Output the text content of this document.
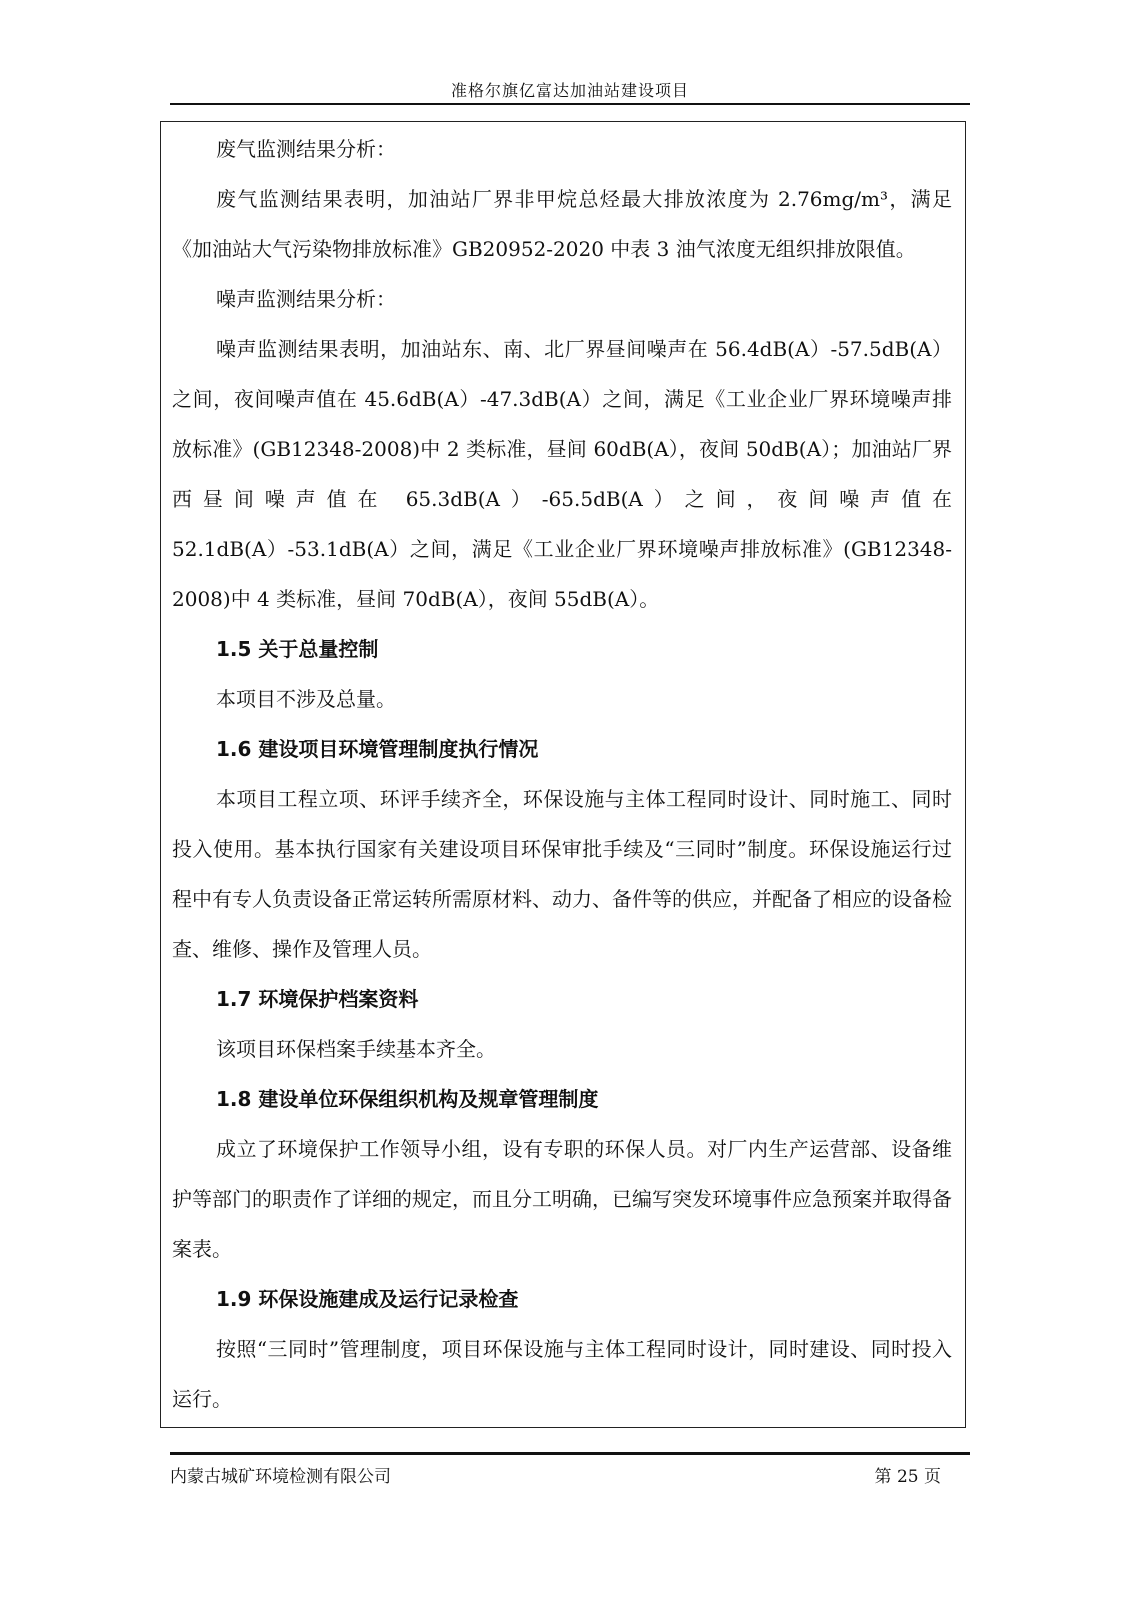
准格尔旗亿富达加油站建设项目

废气监测结果分析：

废气监测结果表明，加油站厂界非甲烷总烃最大排放浓度为 2.76mg/m³，满足《加油站大气污染物排放标准》GB20952-2020 中表 3 油气浓度无组织排放限值。

噪声监测结果分析：

噪声监测结果表明，加油站东、南、北厂界昼间噪声在 56.4dB(A）-57.5dB(A）之间，夜间噪声值在 45.6dB(A）-47.3dB(A）之间，满足《工业企业厂界环境噪声排放标准》(GB12348-2008)中 2 类标准，昼间 60dB(A），夜间 50dB(A）；加油站厂界西昼间噪声值在 65.3dB(A）-65.5dB(A）之间，夜间噪声值在 52.1dB(A）-53.1dB(A）之间，满足《工业企业厂界环境噪声排放标准》(GB12348-2008)中 4 类标准，昼间 70dB(A），夜间 55dB(A）。

1.5 关于总量控制

本项目不涉及总量。

1.6 建设项目环境管理制度执行情况

本项目工程立项、环评手续齐全，环保设施与主体工程同时设计、同时施工、同时投入使用。基本执行国家有关建设项目环保审批手续及“三同时”制度。环保设施运行过程中有专人负责设备正常运转所需原材料、动力、备件等的供应，并配备了相应的设备检查、维修、操作及管理人员。

1.7 环境保护档案资料

该项目环保档案手续基本齐全。

1.8 建设单位环保组织机构及规章管理制度

成立了环境保护工作领导小组，设有专职的环保人员。对厂内生产运营部、设备维护等部门的职责作了详细的规定，而且分工明确，已编写突发环境事件应急预案并取得备案表。

1.9 环保设施建成及运行记录检查

按照“三同时”管理制度，项目环保设施与主体工程同时设计，同时建设、同时投入运行。

内蒙古城矿环境检测有限公司	第 25 页
